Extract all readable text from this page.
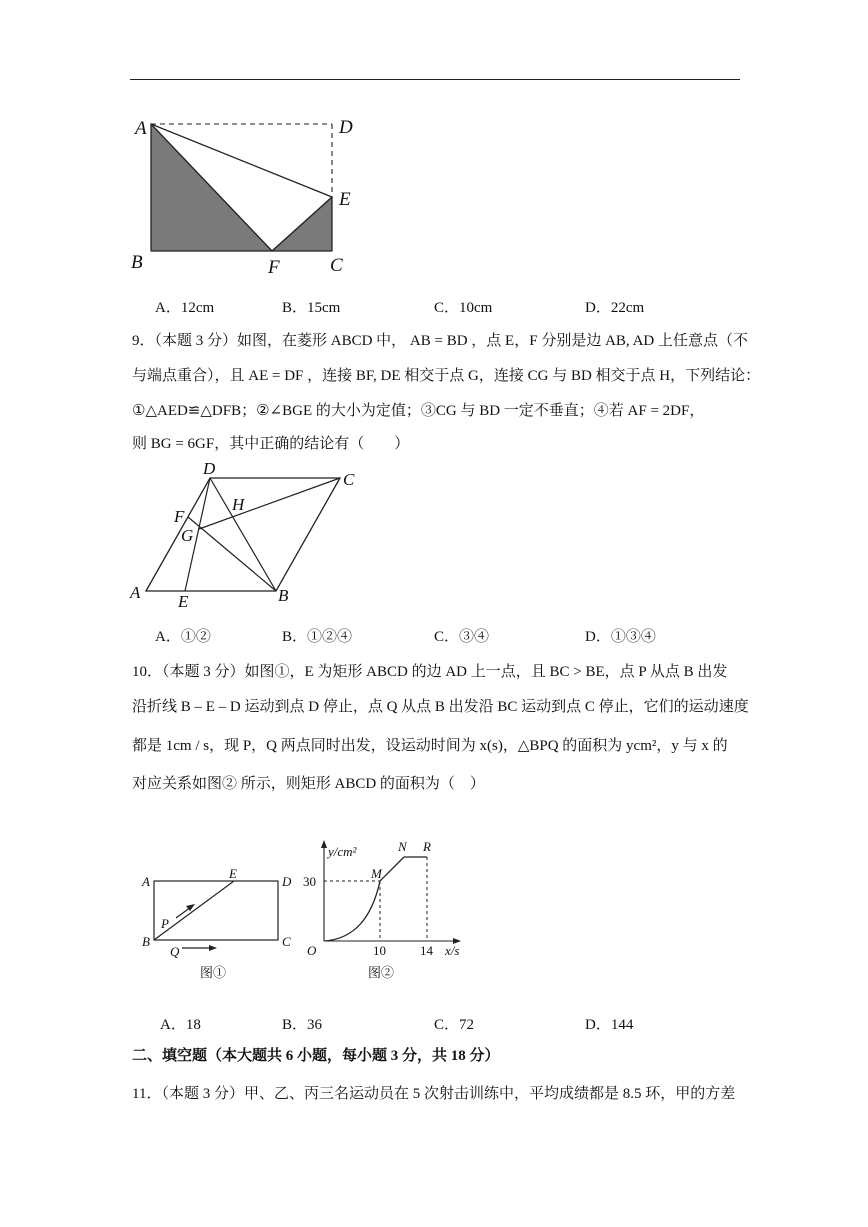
A	D
E
B	F	C
A．12cm	B．15cm	C．10cm	D．22cm
9．（本题 3 分）如图，在菱形 ABCD 中， AB = BD ，点 E，F 分别是边 AB, AD 上任意点（不
与端点重合），且 AE = DF ，连接 BF, DE 相交于点 G，连接 CG 与 BD 相交于点 H，下列结论：
①△AED≌△DFB；②∠BGE 的大小为定值；③CG 与 BD 一定不垂直；④若 AF = 2DF，
则 BG = 6GF，其中正确的结论有（　　）
D
C
H
F
G
A E	B
A．①②	B．①②④	C．③④	D．①③④
10．（本题 3 分）如图①，E 为矩形 ABCD 的边 AD 上一点，且 BC > BE，点 P 从点 B 出发
沿折线 B – E – D 运动到点 D 停止，点 Q 从点 B 出发沿 BC 运动到点 C 停止，它们的运动速度
都是 1cm / s，现 P，Q 两点同时出发，设运动时间为 x(s)，△BPQ 的面积为 ycm²，y 与 x 的
对应关系如图② 所示，则矩形 ABCD 的面积为（　）
A
E
D
P
B	C
Q
图①
y/cm²	N R
M
30
O	10	14 x/s
图②
A．18	B．36	C．72	D．144
二、填空题（本大题共 6 小题，每小题 3 分，共 18 分）
11．（本题 3 分）甲、乙、丙三名运动员在 5 次射击训练中，平均成绩都是 8.5 环，甲的方差
